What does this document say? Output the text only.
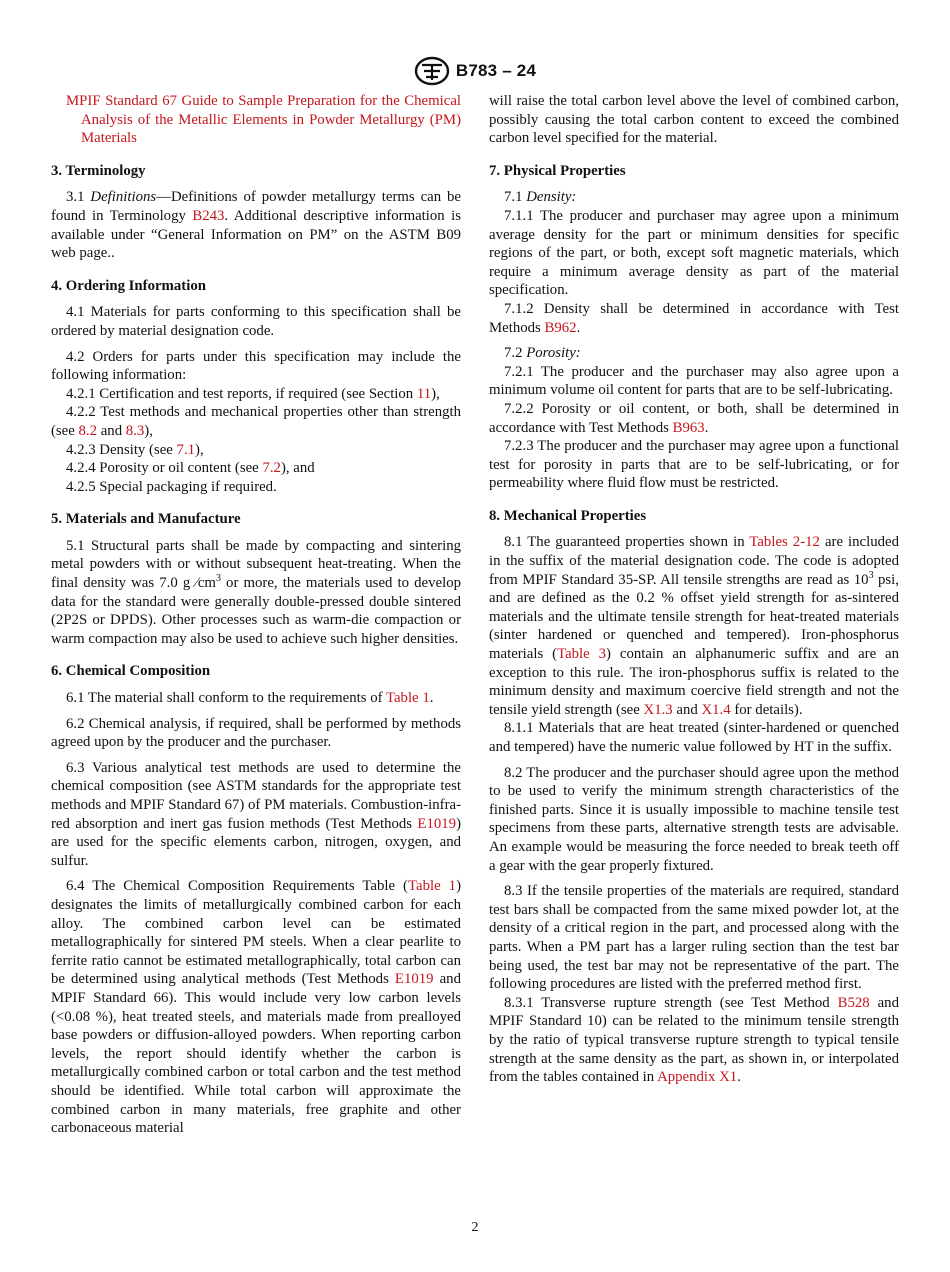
B783 – 24

MPIF Standard 67 Guide to Sample Preparation for the Chemical Analysis of the Metallic Elements in Powder Metallurgy (PM) Materials

3. Terminology

3.1 Definitions—Definitions of powder metallurgy terms can be found in Terminology B243. Additional descriptive information is available under “General Information on PM” on the ASTM B09 web page..

4. Ordering Information

4.1 Materials for parts conforming to this specification shall be ordered by material designation code.

4.2 Orders for parts under this specification may include the following information:

4.2.1 Certification and test reports, if required (see Section 11),

4.2.2 Test methods and mechanical properties other than strength (see 8.2 and 8.3),

4.2.3 Density (see 7.1),

4.2.4 Porosity or oil content (see 7.2), and

4.2.5 Special packaging if required.

5. Materials and Manufacture

5.1 Structural parts shall be made by compacting and sintering metal powders with or without subsequent heat-treating. When the final density was 7.0 g $⁄cm^3$ or more, the materials used to develop data for the standard were generally double-pressed double sintered (2P2S or DPDS). Other processes such as warm-die compaction or warm compaction may also be used to achieve such higher densities.

6. Chemical Composition

6.1 The material shall conform to the requirements of Table 1.

6.2 Chemical analysis, if required, shall be performed by methods agreed upon by the producer and the purchaser.

6.3 Various analytical test methods are used to determine the chemical composition (see ASTM standards for the appropriate test methods and MPIF Standard 67) of PM materials. Combustion-infra-red absorption and inert gas fusion methods (Test Methods E1019) are used for the specific elements carbon, nitrogen, oxygen, and sulfur.

6.4 The Chemical Composition Requirements Table (Table 1) designates the limits of metallurgically combined carbon for each alloy. The combined carbon level can be estimated metallographically for sintered PM steels. When a clear pearlite to ferrite ratio cannot be estimated metallographically, total carbon can be determined using analytical methods (Test Methods E1019 and MPIF Standard 66). This would include very low carbon levels (<0.08 %), heat treated steels, and materials made from prealloyed base powders or diffusion-alloyed powders. When reporting carbon levels, the report should identify whether the carbon is metallurgically combined carbon or total carbon and the test method should be identified. While total carbon will approximate the combined carbon in many materials, free graphite and other carbonaceous material

will raise the total carbon level above the level of combined carbon, possibly causing the total carbon content to exceed the combined carbon level specified for the material.

7. Physical Properties

7.1 Density:

7.1.1 The producer and purchaser may agree upon a minimum average density for the part or minimum densities for specific regions of the part, or both, except soft magnetic materials, which require a minimum average density as part of the material specification.

7.1.2 Density shall be determined in accordance with Test Methods B962.

7.2 Porosity:

7.2.1 The producer and the purchaser may also agree upon a minimum volume oil content for parts that are to be self-lubricating.

7.2.2 Porosity or oil content, or both, shall be determined in accordance with Test Methods B963.

7.2.3 The producer and the purchaser may agree upon a functional test for porosity in parts that are to be self-lubricating, or for permeability where fluid flow must be restricted.

8. Mechanical Properties

8.1 The guaranteed properties shown in Tables 2-12 are included in the suffix of the material designation code. The code is adopted from MPIF Standard 35-SP. All tensile strengths are read as $10^3$ psi, and are defined as the 0.2 % offset yield strength for as-sintered materials and the ultimate tensile strength for heat-treated materials (sinter hardened or quenched and tempered). Iron-phosphorus materials (Table 3) contain an alphanumeric suffix and are an exception to this rule. The iron-phosphorus suffix is related to the minimum density and maximum coercive field strength and not the tensile yield strength (see X1.3 and X1.4 for details).

8.1.1 Materials that are heat treated (sinter-hardened or quenched and tempered) have the numeric value followed by HT in the suffix.

8.2 The producer and the purchaser should agree upon the method to be used to verify the minimum strength characteristics of the finished parts. Since it is usually impossible to machine tensile test specimens from these parts, alternative strength tests are advisable. An example would be measuring the force needed to break teeth off a gear with the gear properly fixtured.

8.3 If the tensile properties of the materials are required, standard test bars shall be compacted from the same mixed powder lot, at the density of a critical region in the part, and processed along with the parts. When a PM part has a larger ruling section than the test bar being used, the test bar may not be representative of the part. The following procedures are listed with the preferred method first.

8.3.1 Transverse rupture strength (see Test Method B528 and MPIF Standard 10) can be related to the minimum tensile strength by the ratio of typical transverse rupture strength to typical tensile strength at the same density as the part, as shown in, or interpolated from the tables contained in Appendix X1.

2
